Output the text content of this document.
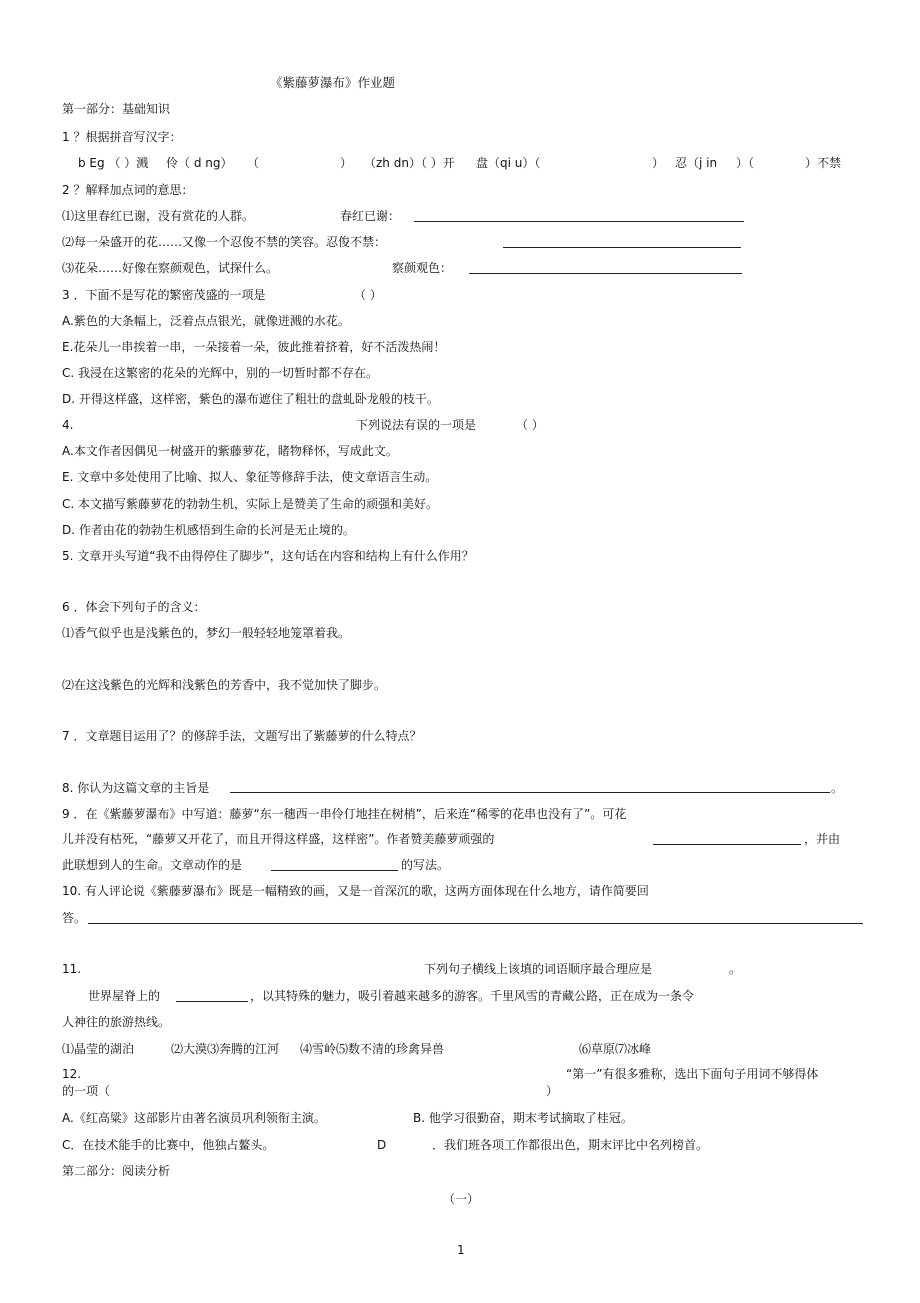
《紫藤萝瀑布》作业题
第一部分：基础知识
1 ？根据拼音写汉字：
b Eg （ ）溅 伶（ d ng） （	） （zh dn）（ ）开 盘（qi u）（	） 忍（j in ）（	）不禁
2 ？解释加点词的意思：
⑴这里春红已谢，没有赏花的人群。	春红已谢：
⑵每一朵盛开的花……又像一个忍俊不禁的笑容。忍俊不禁：
⑶花朵……好像在察颜观色，试探什么。	察颜观色：
3 ．下面不是写花的繁密茂盛的一项是	（ ）
A.紫色的大条幅上，泛着点点银光，就像迸溅的水花。
E.花朵儿一串挨着一串，一朵接着一朵，彼此推着挤着，好不活泼热闹！
C. 我浸在这繁密的花朵的光辉中，别的一切暂时都不存在。
D. 开得这样盛，这样密，紫色的瀑布遮住了粗壮的盘虬卧龙般的枝干。
4.	下列说法有误的一项是	（ ）
A.本文作者因偶见一树盛开的紫藤萝花，睹物释怀，写成此文。
E. 文章中多处使用了比喻、拟人、象征等修辞手法，使文章语言生动。
C. 本文描写紫藤萝花的勃勃生机，实际上是赞美了生命的顽强和美好。
D. 作者由花的勃勃生机感悟到生命的长河是无止境的。
5. 文章开头写道“我不由得停住了脚步”，这句话在内容和结构上有什么作用？
6 ．体会下列句子的含义：
⑴香气似乎也是浅紫色的，梦幻一般轻轻地笼罩着我。
⑵在这浅紫色的光辉和浅紫色的芳香中，我不觉加快了脚步。
7 ．文章题目运用了？的修辞手法，文题写出了紫藤萝的什么特点？
8. 你认为这篇文章的主旨是	。
9 ．在《紫藤萝瀑布》中写道：藤萝“东一穗西一串伶仃地挂在树梢”，后来连“稀零的花串也没有了”。可花
儿并没有枯死，“藤萝又开花了，而且开得这样盛，这样密”。作者赞美藤萝顽强的	，并由
此联想到人的生命。文章动作的是	的写法。
10. 有人评论说《紫藤萝瀑布》既是一幅精致的画，又是一首深沉的歌，这两方面体现在什么地方，请作简要回
答。
11.	下列句子横线上该填的词语顺序最合理应是	。
世界屋脊上的	，以其特殊的魅力，吸引着越来越多的游客。千里风雪的青藏公路，正在成为一条令
人神往的旅游热线。
⑴晶莹的湖泊	⑵大漠⑶奔腾的江河 ⑷雪岭⑸数不清的珍禽异兽	⑹草原⑺冰峰
12.	“第一”有很多雅称，选出下面句子用词不够得体
的一项（	）
A.《红高粱》这部影片由著名演员巩利领衔主演。	B. 他学习很勤奋，期末考试摘取了桂冠。
C．在技术能手的比赛中，他独占鳌头。	D	．我们班各项工作都很出色，期末评比中名列榜首。
第二部分：阅读分析
（一）
1
